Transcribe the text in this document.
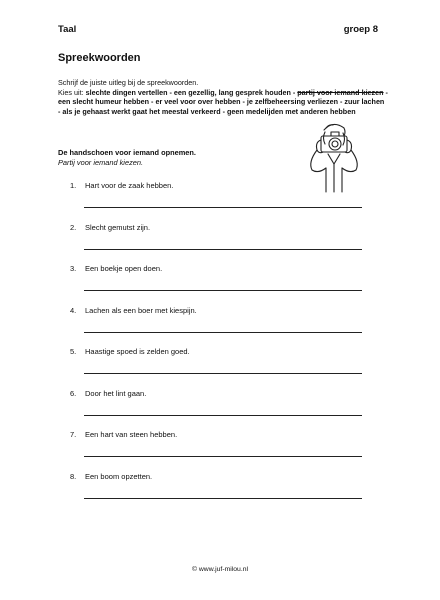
Taal	groep 8
Spreekwoorden
Schrijf de juiste uitleg bij de spreekwoorden.
Kies uit: slechte dingen vertellen - een gezellig, lang gesprek houden - partij voor iemand kiezen - een slecht humeur hebben - er veel voor over hebben - je zelfbeheersing verliezen - zuur lachen - als je gehaast werkt gaat het meestal verkeerd - geen medelijden met anderen hebben
De handschoen voor iemand opnemen.
Partij voor iemand kiezen.
1. Hart voor de zaak hebben.
2. Slecht gemutst zijn.
3. Een boekje open doen.
4. Lachen als een boer met kiespijn.
5. Haastige spoed is zelden goed.
6. Door het lint gaan.
7. Een hart van steen hebben.
8. Een boom opzetten.
© www.juf-milou.nl
